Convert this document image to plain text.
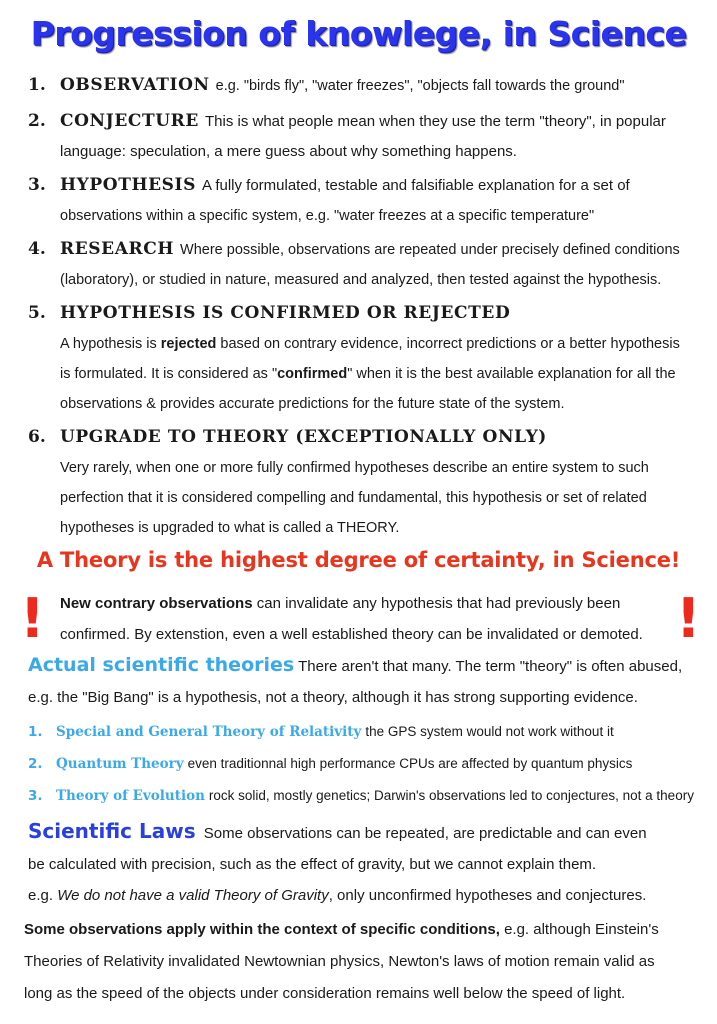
Progression of knowlege, in Science
1. OBSERVATION e.g. "birds fly", "water freezes", "objects fall towards the ground"
2. CONJECTURE This is what people mean when they use the term "theory", in popular
language: speculation, a mere guess about why something happens.
3. HYPOTHESIS A fully formulated, testable and falsifiable explanation for a set of
observations within a specific system, e.g. "water freezes at a specific temperature"
4. RESEARCH Where possible, observations are repeated under precisely defined conditions
(laboratory), or studied in nature, measured and analyzed, then tested against the hypothesis.
5. HYPOTHESIS IS CONFIRMED OR REJECTED
A hypothesis is rejected based on contrary evidence, incorrect predictions or a better hypothesis
is formulated. It is considered as "confirmed" when it is the best available explanation for all the
observations & provides accurate predictions for the future state of the system.
6. UPGRADE TO THEORY (EXCEPTIONALLY ONLY)
Very rarely, when one or more fully confirmed hypotheses describe an entire system to such
perfection that it is considered compelling and fundamental, this hypothesis or set of related
hypotheses is upgraded to what is called a THEORY.
A Theory is the highest degree of certainty, in Science!
!	!
New contrary observations can invalidate any hypothesis that had previously been
confirmed. By extenstion, even a well established theory can be invalidated or demoted.
Actual scientific theories There aren't that many. The term "theory" is often abused,
e.g. the "Big Bang" is a hypothesis, not a theory, although it has strong supporting evidence.
1. Special and General Theory of Relativity the GPS system would not work without it
2. Quantum Theory even traditionnal high performance CPUs are affected by quantum physics
3. Theory of Evolution rock solid, mostly genetics; Darwin's observations led to conjectures, not a theory
Scientific Laws Some observations can be repeated, are predictable and can even
be calculated with precision, such as the effect of gravity, but we cannot explain them.
e.g. We do not have a valid Theory of Gravity, only unconfirmed hypotheses and conjectures.
Some observations apply within the context of specific conditions, e.g. although Einstein's
Theories of Relativity invalidated Newtownian physics, Newton's laws of motion remain valid as
long as the speed of the objects under consideration remains well below the speed of light.
